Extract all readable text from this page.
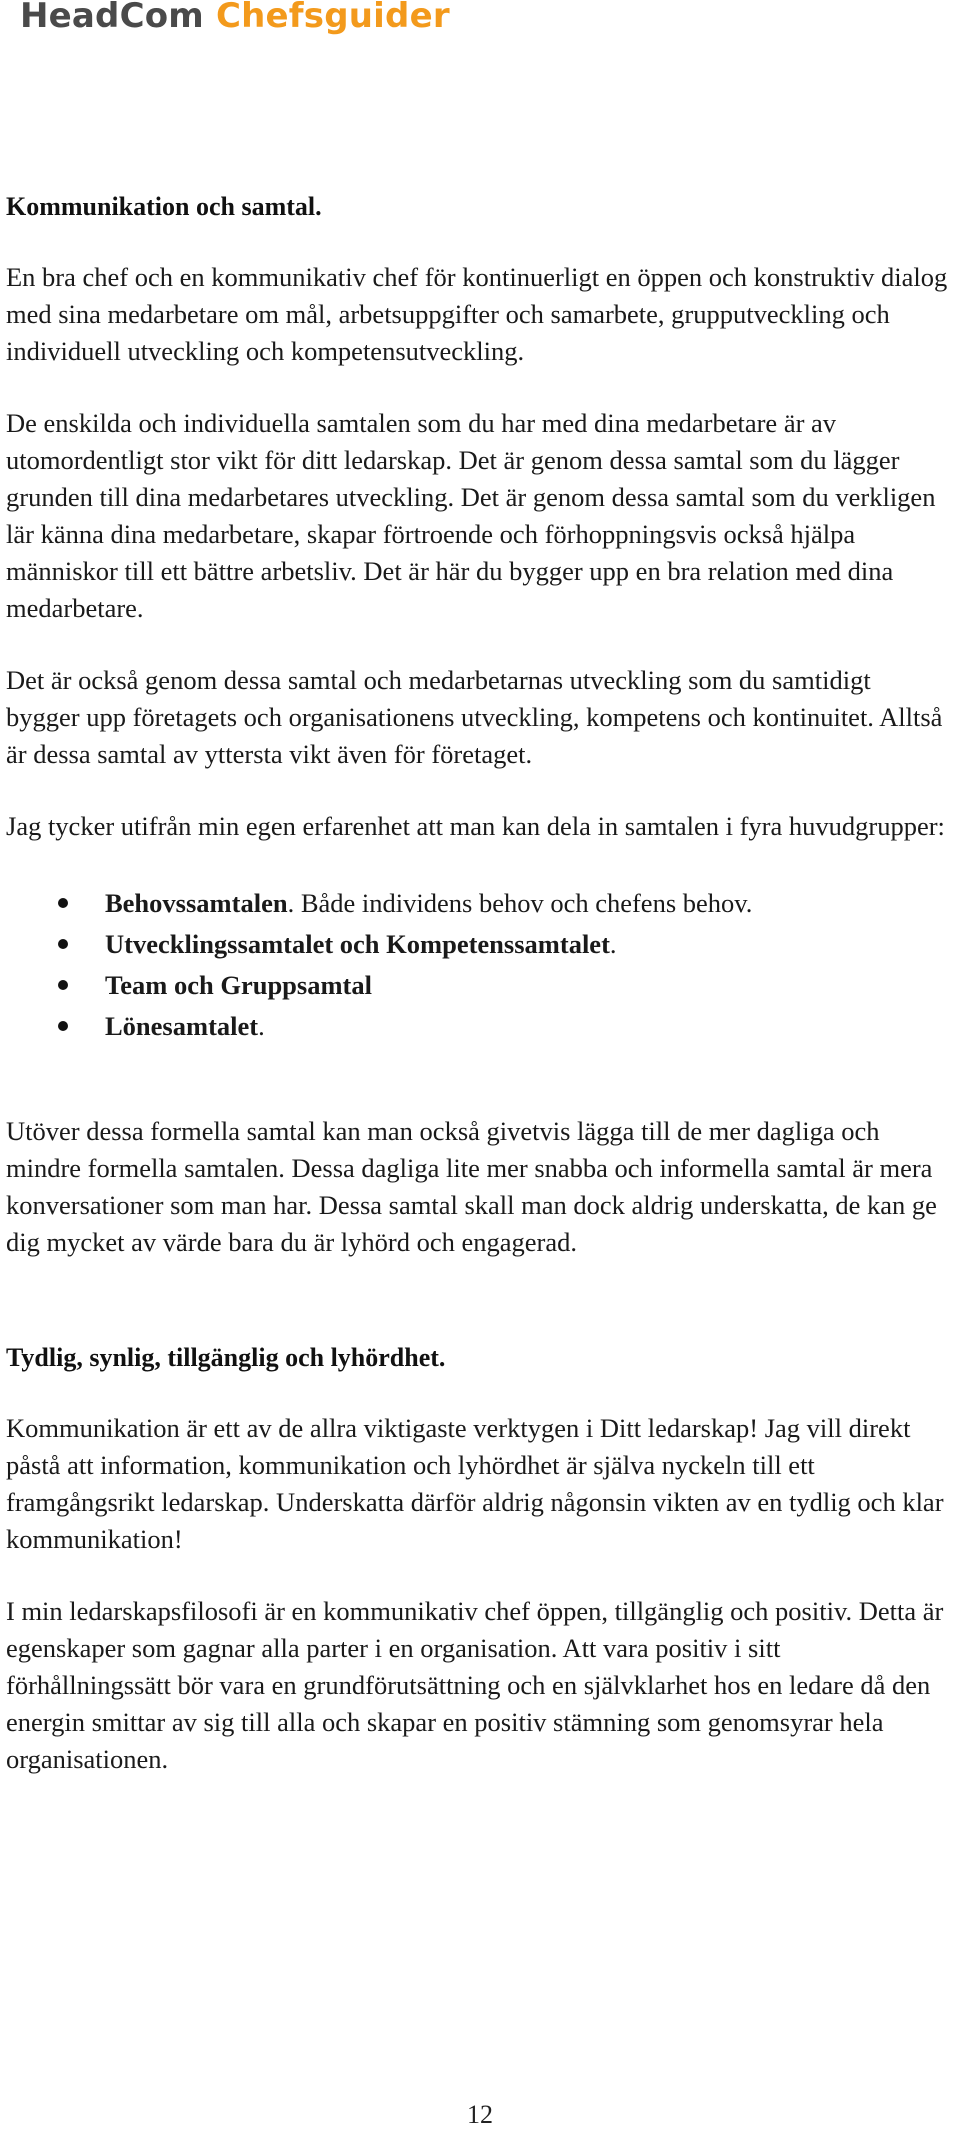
HeadCom Chefsguider
Kommunikation och samtal.

En bra chef och en kommunikativ chef för kontinuerligt en öppen och konstruktiv dialog med sina medarbetare om mål, arbetsuppgifter och samarbete, grupputveckling och individuell utveckling och kompetensutveckling.

De enskilda och individuella samtalen som du har med dina medarbetare är av utomordentligt stor vikt för ditt ledarskap. Det är genom dessa samtal som du lägger grunden till dina medarbetares utveckling. Det är genom dessa samtal som du verkligen lär känna dina medarbetare, skapar förtroende och förhoppningsvis också hjälpa människor till ett bättre arbetsliv. Det är här du bygger upp en bra relation med dina medarbetare.

Det är också genom dessa samtal och medarbetarnas utveckling som du samtidigt bygger upp företagets och organisationens utveckling, kompetens och kontinuitet. Alltså är dessa samtal av yttersta vikt även för företaget.

Jag tycker utifrån min egen erfarenhet att man kan dela in samtalen i fyra huvudgrupper:

Behovssamtalen. Både individens behov och chefens behov.
Utvecklingssamtalet och Kompetenssamtalet.
Team och Gruppsamtal
Lönesamtalet.

Utöver dessa formella samtal kan man också givetvis lägga till de mer dagliga och mindre formella samtalen. Dessa dagliga lite mer snabba och informella samtal är mera konversationer som man har. Dessa samtal skall man dock aldrig underskatta, de kan ge dig mycket av värde bara du är lyhörd och engagerad.

Tydlig, synlig, tillgänglig och lyhördhet.

Kommunikation är ett av de allra viktigaste verktygen i Ditt ledarskap! Jag vill direkt påstå att information, kommunikation och lyhördhet är själva nyckeln till ett framgångsrikt ledarskap. Underskatta därför aldrig någonsin vikten av en tydlig och klar kommunikation!

I min ledarskapsfilosofi är en kommunikativ chef öppen, tillgänglig och positiv. Detta är egenskaper som gagnar alla parter i en organisation. Att vara positiv i sitt förhållningssätt bör vara en grundförutsättning och en självklarhet hos en ledare då den energin smittar av sig till alla och skapar en positiv stämning som genomsyrar hela organisationen.

12
